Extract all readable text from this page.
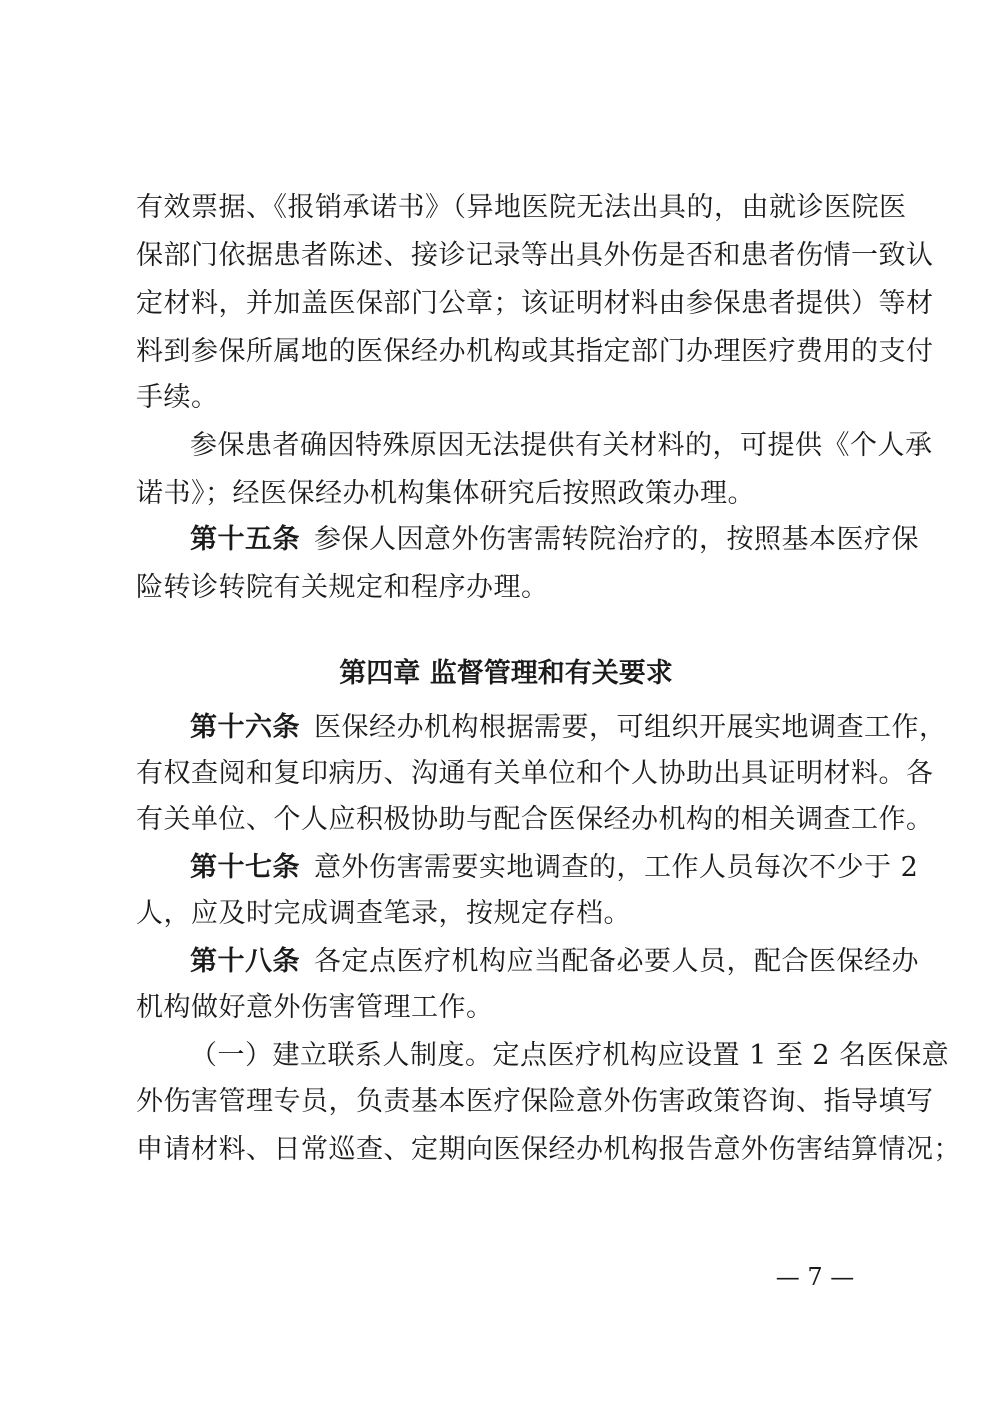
有效票据、《报销承诺书》（异地医院无法出具的，由就诊医院医
保部门依据患者陈述、接诊记录等出具外伤是否和患者伤情一致认
定材料，并加盖医保部门公章；该证明材料由参保患者提供）等材
料到参保所属地的医保经办机构或其指定部门办理医疗费用的支付
手续。
参保患者确因特殊原因无法提供有关材料的，可提供《个人承
诺书》；经医保经办机构集体研究后按照政策办理。
第十五条 参保人因意外伤害需转院治疗的，按照基本医疗保
险转诊转院有关规定和程序办理。
第四章 监督管理和有关要求
第十六条 医保经办机构根据需要，可组织开展实地调查工作，
有权查阅和复印病历、沟通有关单位和个人协助出具证明材料。各
有关单位、个人应积极协助与配合医保经办机构的相关调查工作。
第十七条 意外伤害需要实地调查的，工作人员每次不少于 2
人，应及时完成调查笔录，按规定存档。
第十八条 各定点医疗机构应当配备必要人员，配合医保经办
机构做好意外伤害管理工作。
（一）建立联系人制度。定点医疗机构应设置 1 至 2 名医保意
外伤害管理专员，负责基本医疗保险意外伤害政策咨询、指导填写
申请材料、日常巡查、定期向医保经办机构报告意外伤害结算情况；
— 7 —
